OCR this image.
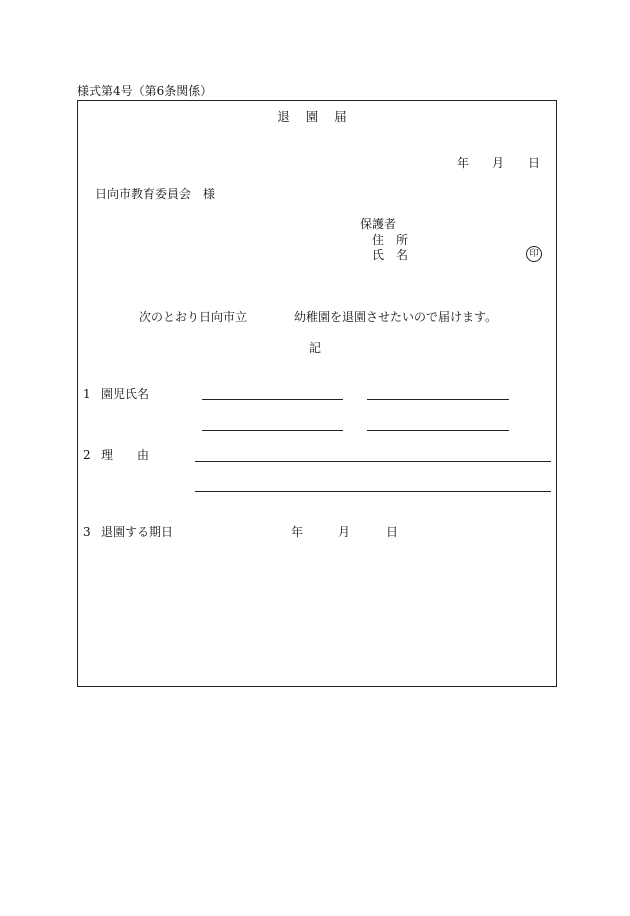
様式第4号（第6条関係）
退 園 届
年 月 日
日向市教育委員会　様
保護者
住　所
氏　名	印
次のとおり日向市立	幼稚園を退園させたいので届けます。
記
1 園児氏名
2 理　　由
3 退園する期日	年	月	日
